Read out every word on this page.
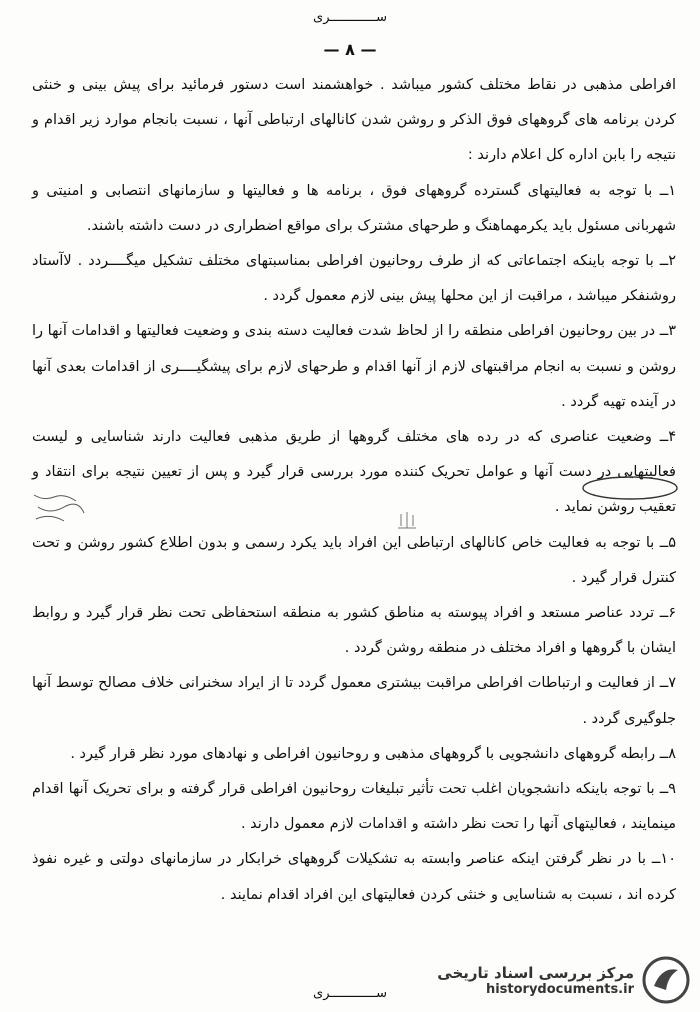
ســــــــــــری
— ۸ —

افراطی مذهبی در نقاط مختلف کشور میباشد . خواهشمند است دستور فرمائید برای پیش بینی و خنثی کردن برنامه های گروههای فوق الذکر و روشن شدن کانالهای ارتباطی آنها ، نسبت بانجام موارد زیر اقدام و نتیجه را بابن اداره کل اعلام دارند :

۱ــ با توجه به فعالیتهای گسترده گروههای فوق ، برنامه ها و فعالیتها و سازمانهای انتصابی و امنیتی و شهربانی مسئول باید یکرمهماهنگ و طرحهای مشترک برای مواقع اضطراری در دست داشته باشند.

۲ــ با توجه باینکه اجتماعاتی که از طرف روحانیون افراطی بمناسبتهای مختلف تشکیل میگــــردد . لاآستاد روشنفکر میباشد ، مراقبت از این محلها پیش بینی لازم معمول گردد .

۳ــ در بین روحانیون افراطی منطقه را از لحاظ شدت فعالیت دسته بندی و وضعیت فعالیتها و اقدامات آنها را روشن و نسبت به انجام مراقبتهای لازم از آنها اقدام و طرحهای لازم برای پیشگیــــری از اقدامات بعدی آنها در آینده تهیه گردد .

۴ــ وضعیت عناصری که در رده های مختلف گروهها از طریق مذهبی فعالیت دارند شناسایی و لیست فعالیتهایی در دست آنها و عوامل تحریک کننده مورد بررسی قرار گیرد و پس از تعیین نتیجه برای انتقاد و تعقیب روشن نماید .

۵ــ با توجه به فعالیت خاص کانالهای ارتباطی این افراد باید یکرد رسمی و بدون اطلاع کشور روشن و تحت کنترل قرار گیرد .

۶ــ تردد عناصر مستعد و افراد پیوسته به مناطق کشور به منطقه استحفاظی تحت نظر قرار گیرد و روابط ایشان با گروهها و افراد مختلف در منطقه روشن گردد .

۷ــ از فعالیت و ارتباطات افراطی مراقبت بیشتری معمول گردد تا از ایراد سخنرانی خلاف مصالح توسط آنها جلوگیری گردد .

۸ــ رابطه گروههای دانشجویی با گروههای مذهبی و روحانیون افراطی و نهادهای مورد نظر قرار گیرد .

۹ــ با توجه باینکه دانشجویان اغلب تحت تأثیر تبلیغات روحانیون افراطی قرار گرفته و برای تحریک آنها اقدام مینمایند ، فعالیتهای آنها را تحت نظر داشته و اقدامات لازم معمول دارند .

۱۰ــ با در نظر گرفتن اینکه عناصر وابسته به تشکیلات گروههای خرابکار در سازمانهای دولتی و غیره نفوذ کرده اند ، نسبت به شناسایی و خنثی کردن فعالیتهای این افراد اقدام نمایند .

ســــــــــــری
مرکز بررسی اسناد تاریخی
historydocuments.ir
